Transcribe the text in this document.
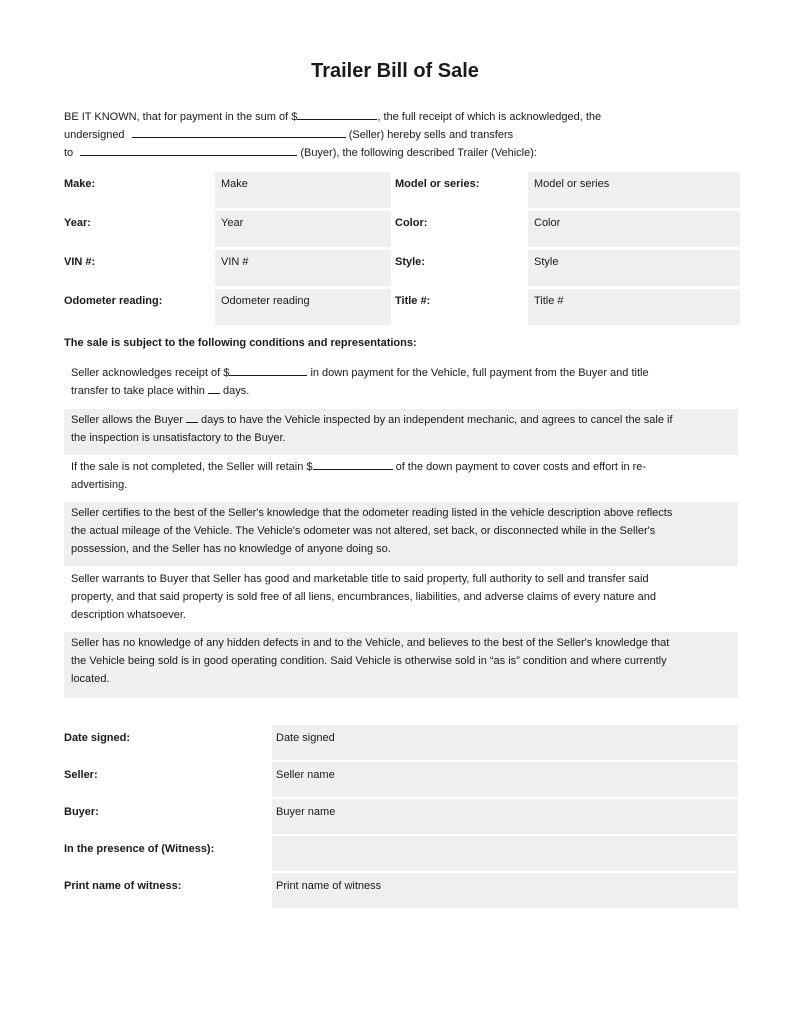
Trailer Bill of Sale
BE IT KNOWN, that for payment in the sum of $	, the full receipt of which is acknowledged, the
undersigned	(Seller) hereby sells and transfers
to	(Buyer), the following described Trailer (Vehicle):
Make:	Make	Model or series:	Model or series
Year:	Year	Color:	Color
VIN #:	VIN #	Style:	Style
Odometer reading:	Odometer reading	Title #:	Title #
The sale is subject to the following conditions and representations:
Seller acknowledges receipt of $	in down payment for the Vehicle, full payment from the Buyer and title
transfer to take place within days.
Seller allows the Buyer days to have the Vehicle inspected by an independent mechanic, and agrees to cancel the sale if
the inspection is unsatisfactory to the Buyer.
If the sale is not completed, the Seller will retain $	of the down payment to cover costs and effort in re-
advertising.
Seller certifies to the best of the Seller's knowledge that the odometer reading listed in the vehicle description above reflects
the actual mileage of the Vehicle. The Vehicle's odometer was not altered, set back, or disconnected while in the Seller's
possession, and the Seller has no knowledge of anyone doing so.
Seller warrants to Buyer that Seller has good and marketable title to said property, full authority to sell and transfer said
property, and that said property is sold free of all liens, encumbrances, liabilities, and adverse claims of every nature and
description whatsoever.
Seller has no knowledge of any hidden defects in and to the Vehicle, and believes to the best of the Seller's knowledge that
the Vehicle being sold is in good operating condition. Said Vehicle is otherwise sold in “as is” condition and where currently
located.
Date signed:	Date signed
Seller:	Seller name
Buyer:	Buyer name
In the presence of (Witness):
Print name of witness:	Print name of witness
